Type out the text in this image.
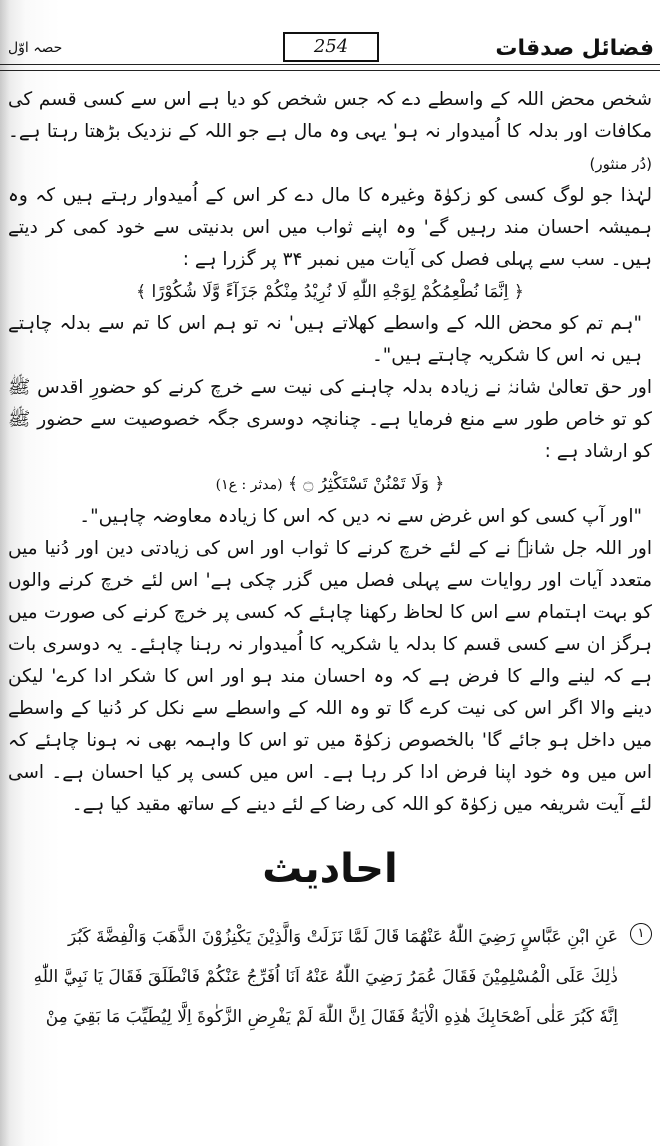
فضائل صدقات
254
حصہ اوّل

شخص محض اللہ کے واسطے دے کہ جس شخص کو دیا ہے اس سے کسی قسم کی مکافات اور بدلہ کا اُمیدوار نہ ہو' یہی وہ مال ہے جو اللہ کے نزدیک بڑھتا رہتا ہے۔ (دُر منثور)

لہٰذا جو لوگ کسی کو زکوٰۃ وغیرہ کا مال دے کر اس کے اُمیدوار رہتے ہیں کہ وہ ہمیشہ احسان مند رہیں گے' وہ اپنے ثواب میں اس بدنیتی سے خود کمی کر دیتے ہیں۔ سب سے پہلی فصل کی آیات میں نمبر ۳۴ پر گزرا ہے :

﴿ اِنَّمَا نُطْعِمُكُمْ لِوَجْهِ اللّٰهِ لَا نُرِيْدُ مِنْكُمْ جَزَآءً وَّلَا شُكُوْرًا ﴾

"ہم تم کو محض اللہ کے واسطے کھلاتے ہیں' نہ تو ہم اس کا تم سے بدلہ چاہتے ہیں نہ اس کا شکریہ چاہتے ہیں"۔

اور حق تعالیٰ شانہٗ نے زیادہ بدلہ چاہنے کی نیت سے خرچ کرنے کو حضورِ اقدس ﷺ کو تو خاص طور سے منع فرمایا ہے۔ چنانچہ دوسری جگہ خصوصیت سے حضور ﷺ کو ارشاد ہے :

﴿ وَلَا تَمْنُنْ تَسْتَكْثِرُ ۝ ﴾ (مدثر : ع۱)

"اور آپ کسی کو اس غرض سے نہ دیں کہ اس کا زیادہ معاوضہ چاہیں"۔

اور اللہ جل شانہٗ نے کے لئے خرچ کرنے کا ثواب اور اس کی زیادتی دین اور دُنیا میں متعدد آیات اور روایات سے پہلی فصل میں گزر چکی ہے' اس لئے خرچ کرنے والوں کو بہت اہتمام سے اس کا لحاظ رکھنا چاہئے کہ کسی پر خرچ کرنے کی صورت میں ہرگز ان سے کسی قسم کا بدلہ یا شکریہ کا اُمیدوار نہ رہنا چاہئے۔ یہ دوسری بات ہے کہ لینے والے کا فرض ہے کہ وہ احسان مند ہو اور اس کا شکر ادا کرے' لیکن دینے والا اگر اس کی نیت کرے گا تو وہ اللہ کے واسطے سے نکل کر دُنیا کے واسطے میں داخل ہو جائے گا' بالخصوص زکوٰۃ میں تو اس کا واہمہ بھی نہ ہونا چاہئے کہ اس میں وہ خود اپنا فرض ادا کر رہا ہے۔ اس میں کسی پر کیا احسان ہے۔ اسی لئے آیت شریفہ میں زکوٰۃ کو اللہ کی رضا کے لئے دینے کے ساتھ مقید کیا ہے۔

احادیث
١
عَنِ ابْنِ عَبَّاسٍ رَضِيَ اللّٰهُ عَنْهُمَا قَالَ لَمَّا نَزَلَتْ وَالَّذِيْنَ يَكْنِزُوْنَ الذَّهَبَ وَالْفِضَّةَ كَبُرَ
ذٰلِكَ عَلَى الْمُسْلِمِيْنَ فَقَالَ عُمَرُ رَضِيَ اللّٰهُ عَنْهُ اَنَا اُفَرِّجُ عَنْكُمْ فَانْطَلَقَ فَقَالَ يَا نَبِيَّ اللّٰهِ
اِنَّهٗ كَبُرَ عَلٰى اَصْحَابِكَ هٰذِهِ الْاٰيَةُ فَقَالَ اِنَّ اللّٰهَ لَمْ يَفْرِضِ الزَّكٰوةَ اِلَّا لِيُطَيِّبَ مَا بَقِيَ مِنْ
